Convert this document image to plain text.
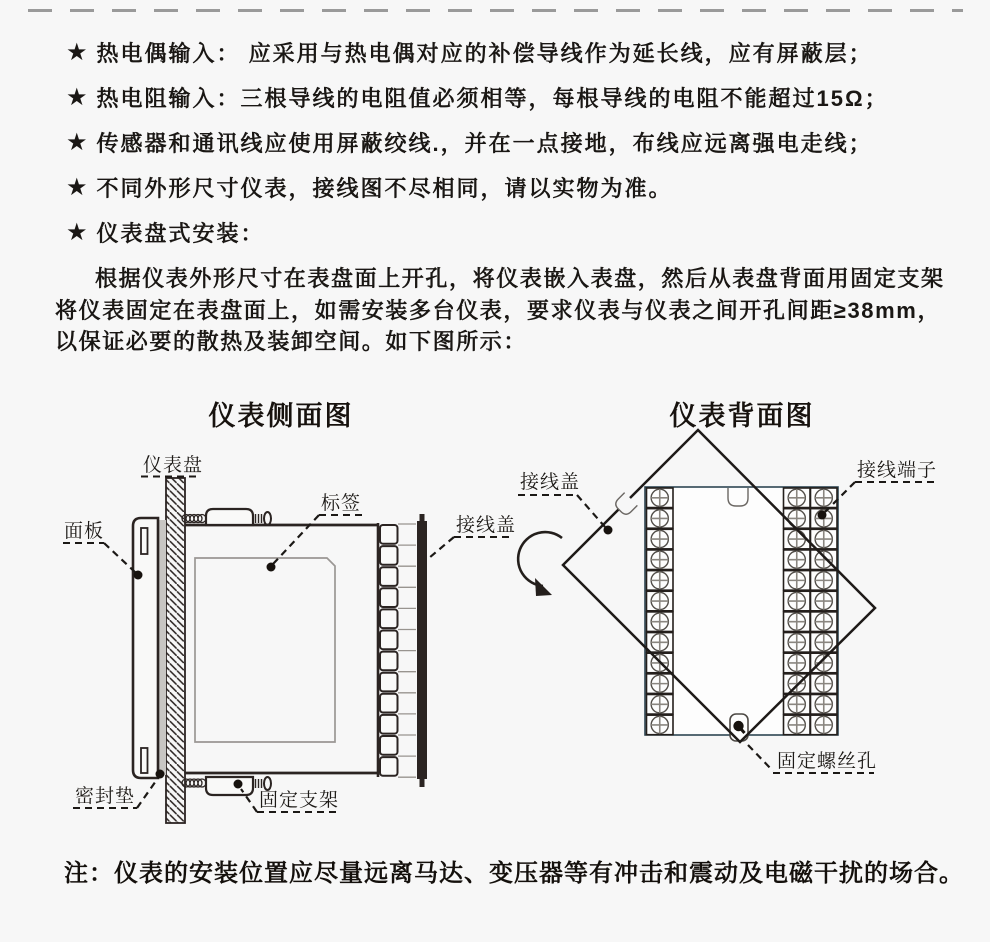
★ 热电偶输入： 应采用与热电偶对应的补偿导线作为延长线，应有屏蔽层；
★ 热电阻输入：三根导线的电阻值必须相等，每根导线的电阻不能超过15Ω；
★ 传感器和通讯线应使用屏蔽绞线.，并在一点接地，布线应远离强电走线；
★ 不同外形尺寸仪表，接线图不尽相同，请以实物为准。
★ 仪表盘式安装：

根据仪表外形尺寸在表盘面上开孔，将仪表嵌入表盘，然后从表盘背面用固定支架将仪表固定在表盘面上，如需安装多台仪表，要求仪表与仪表之间开孔间距≥38mm，以保证必要的散热及装卸空间。如下图所示：

仪表侧面图	仪表背面图
仪表盘
面板
标签
接线盖
密封垫	固定支架
接线盖
接线端子
固定螺丝孔

注：仪表的安装位置应尽量远离马达、变压器等有冲击和震动及电磁干扰的场合。
